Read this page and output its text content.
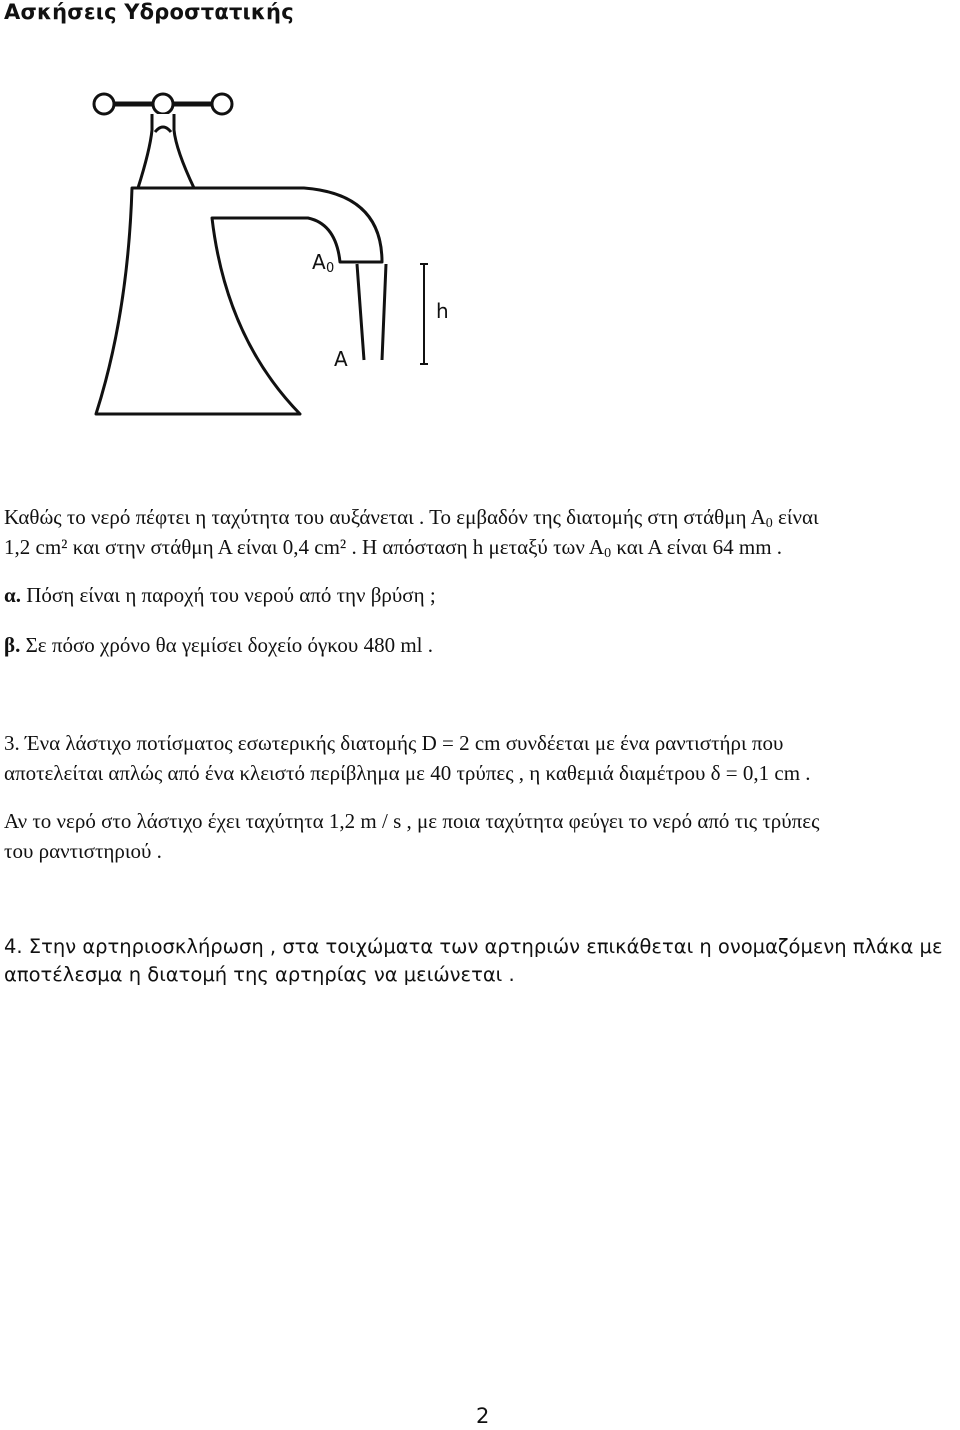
Ασκήσεις Υδροστατικής
A 0
A
h
Καθώς το νερό πέφτει η ταχύτητα του αυξάνεται . Το εμβαδόν της διατομής στη στάθμη Α0 είναι
1,2 cm² και στην στάθμη Α είναι 0,4 cm² . Η απόσταση h μεταξύ των Α0 και Α είναι 64 mm .
α. Πόση είναι η παροχή του νερού από την βρύση ;
β. Σε πόσο χρόνο θα γεμίσει δοχείο όγκου 480 ml .
3. Ένα λάστιχο ποτίσματος εσωτερικής διατομής D = 2 cm συνδέεται με ένα ραντιστήρι που
αποτελείται απλώς από ένα κλειστό περίβλημα με 40 τρύπες , η καθεμιά διαμέτρου δ = 0,1 cm .
Αν το νερό στο λάστιχο έχει ταχύτητα 1,2 m / s , με ποια ταχύτητα φεύγει το νερό από τις τρύπες
του ραντιστηριού .
4. Στην αρτηριοσκλήρωση , στα τοιχώματα των αρτηριών επικάθεται η ονομαζόμενη πλάκα με
αποτέλεσμα η διατομή της αρτηρίας να μειώνεται .
2
